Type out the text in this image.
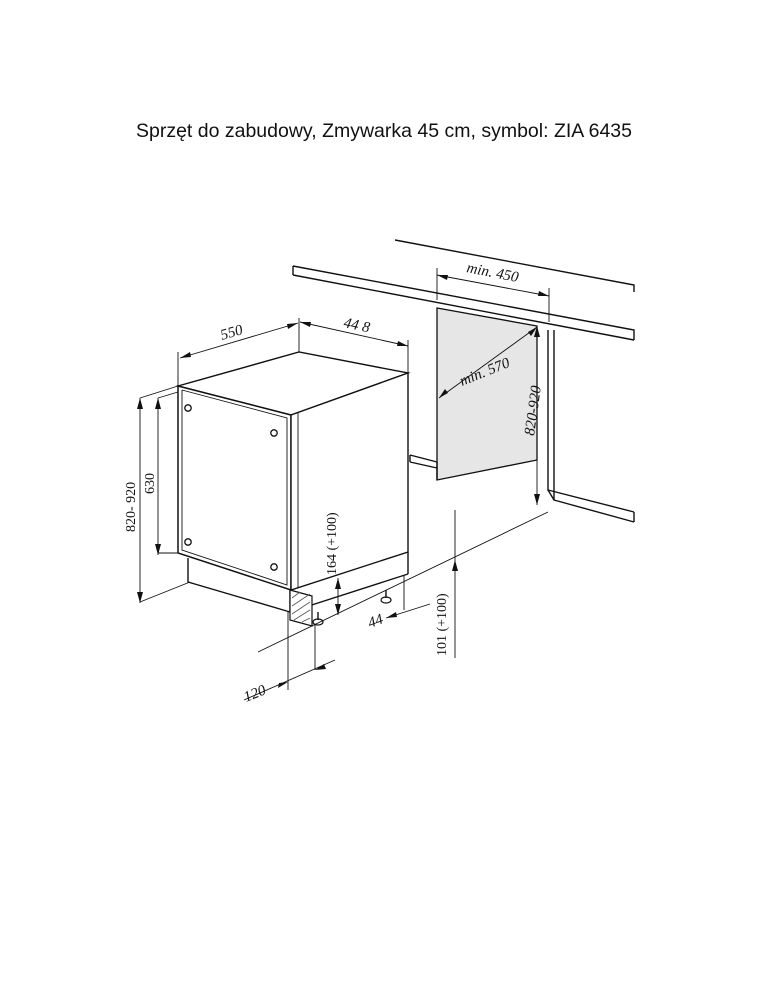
Sprzęt do zabudowy, Zmywarka 45 cm, symbol: ZIA 6435
550	44 8
min. 450
min. 570
820-920
820- 920 630
164 (+100)
44	101 (+100)
120
